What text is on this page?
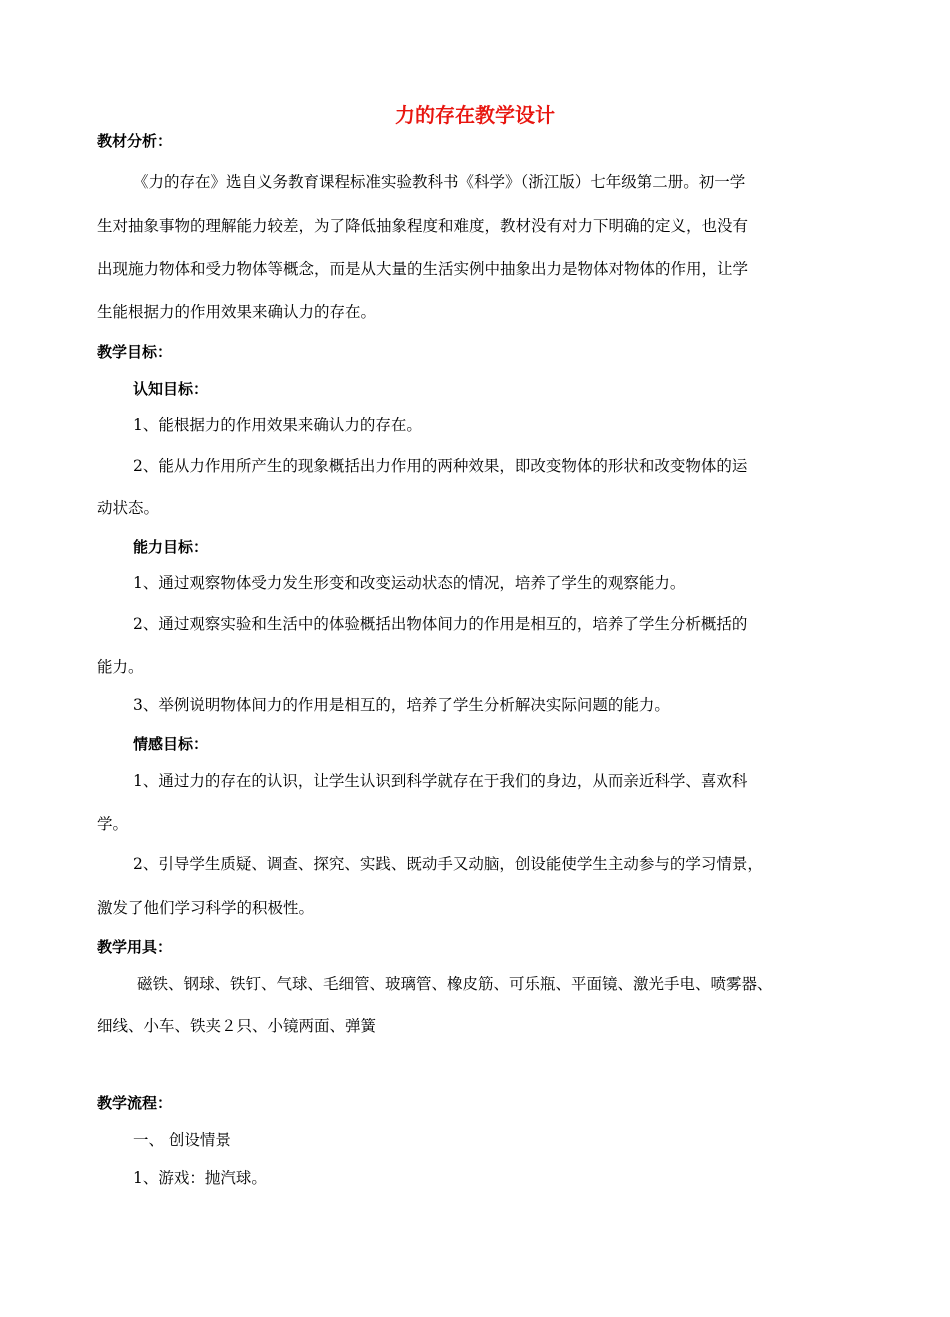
力的存在教学设计
教材分析：
《力的存在》选自义务教育课程标准实验教科书《科学》（浙江版）七年级第二册。初一学
生对抽象事物的理解能力较差，为了降低抽象程度和难度，教材没有对力下明确的定义，也没有
出现施力物体和受力物体等概念，而是从大量的生活实例中抽象出力是物体对物体的作用，让学
生能根据力的作用效果来确认力的存在。
教学目标：
认知目标：
1、能根据力的作用效果来确认力的存在。
2、能从力作用所产生的现象概括出力作用的两种效果，即改变物体的形状和改变物体的运
动状态。
能力目标：
1、通过观察物体受力发生形变和改变运动状态的情况，培养了学生的观察能力。
2、通过观察实验和生活中的体验概括出物体间力的作用是相互的，培养了学生分析概括的
能力。
3、举例说明物体间力的作用是相互的，培养了学生分析解决实际问题的能力。
情感目标：
1、通过力的存在的认识，让学生认识到科学就存在于我们的身边，从而亲近科学、喜欢科
学。
2、引导学生质疑、调查、探究、实践、既动手又动脑，创设能使学生主动参与的学习情景，
激发了他们学习科学的积极性。
教学用具：
磁铁、钢球、铁钉、气球、毛细管、玻璃管、橡皮筋、可乐瓶、平面镜、激光手电、喷雾器、
细线、小车、铁夹２只、小镜两面、弹簧
教学流程：
一、 创设情景
1、游戏：抛汽球。
